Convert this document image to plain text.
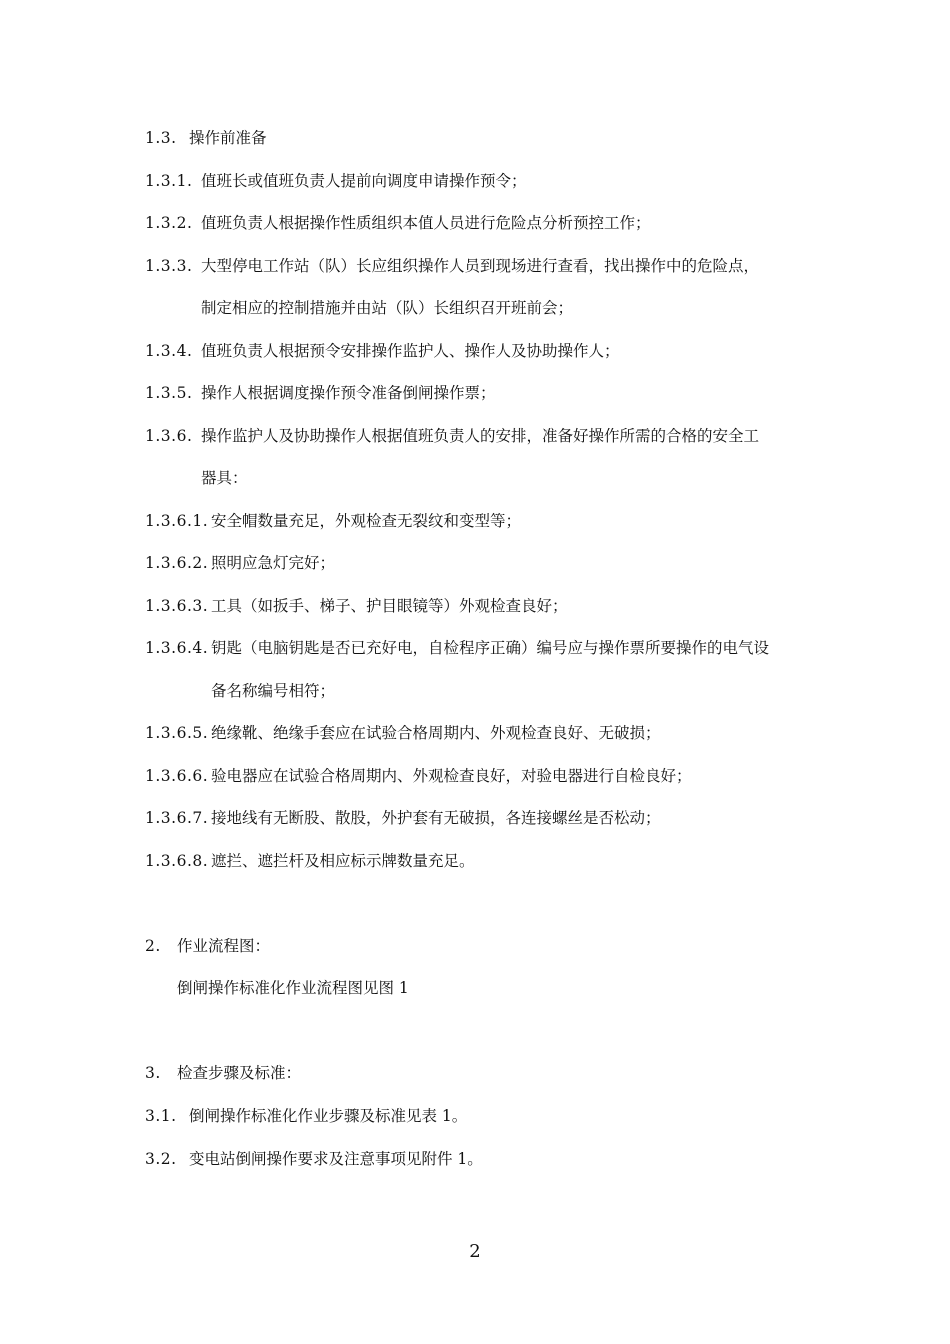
1.3. 操作前准备
1.3.1. 值班长或值班负责人提前向调度申请操作预令；
1.3.2. 值班负责人根据操作性质组织本值人员进行危险点分析预控工作；
1.3.3. 大型停电工作站（队）长应组织操作人员到现场进行查看，找出操作中的危险点，
制定相应的控制措施并由站（队）长组织召开班前会；
1.3.4. 值班负责人根据预令安排操作监护人、操作人及协助操作人；
1.3.5. 操作人根据调度操作预令准备倒闸操作票；
1.3.6. 操作监护人及协助操作人根据值班负责人的安排，准备好操作所需的合格的安全工
器具：
1.3.6.1. 安全帽数量充足，外观检查无裂纹和变型等；
1.3.6.2. 照明应急灯完好；
1.3.6.3. 工具（如扳手、梯子、护目眼镜等）外观检查良好；
1.3.6.4. 钥匙（电脑钥匙是否已充好电，自检程序正确）编号应与操作票所要操作的电气设
备名称编号相符；
1.3.6.5. 绝缘靴、绝缘手套应在试验合格周期内、外观检查良好、无破损；
1.3.6.6. 验电器应在试验合格周期内、外观检查良好，对验电器进行自检良好；
1.3.6.7. 接地线有无断股、散股，外护套有无破损，各连接螺丝是否松动；
1.3.6.8. 遮拦、遮拦杆及相应标示牌数量充足。
2. 作业流程图：
倒闸操作标准化作业流程图见图 1
3. 检查步骤及标准：
3.1. 倒闸操作标准化作业步骤及标准见表 1。
3.2. 变电站倒闸操作要求及注意事项见附件 1。
2
